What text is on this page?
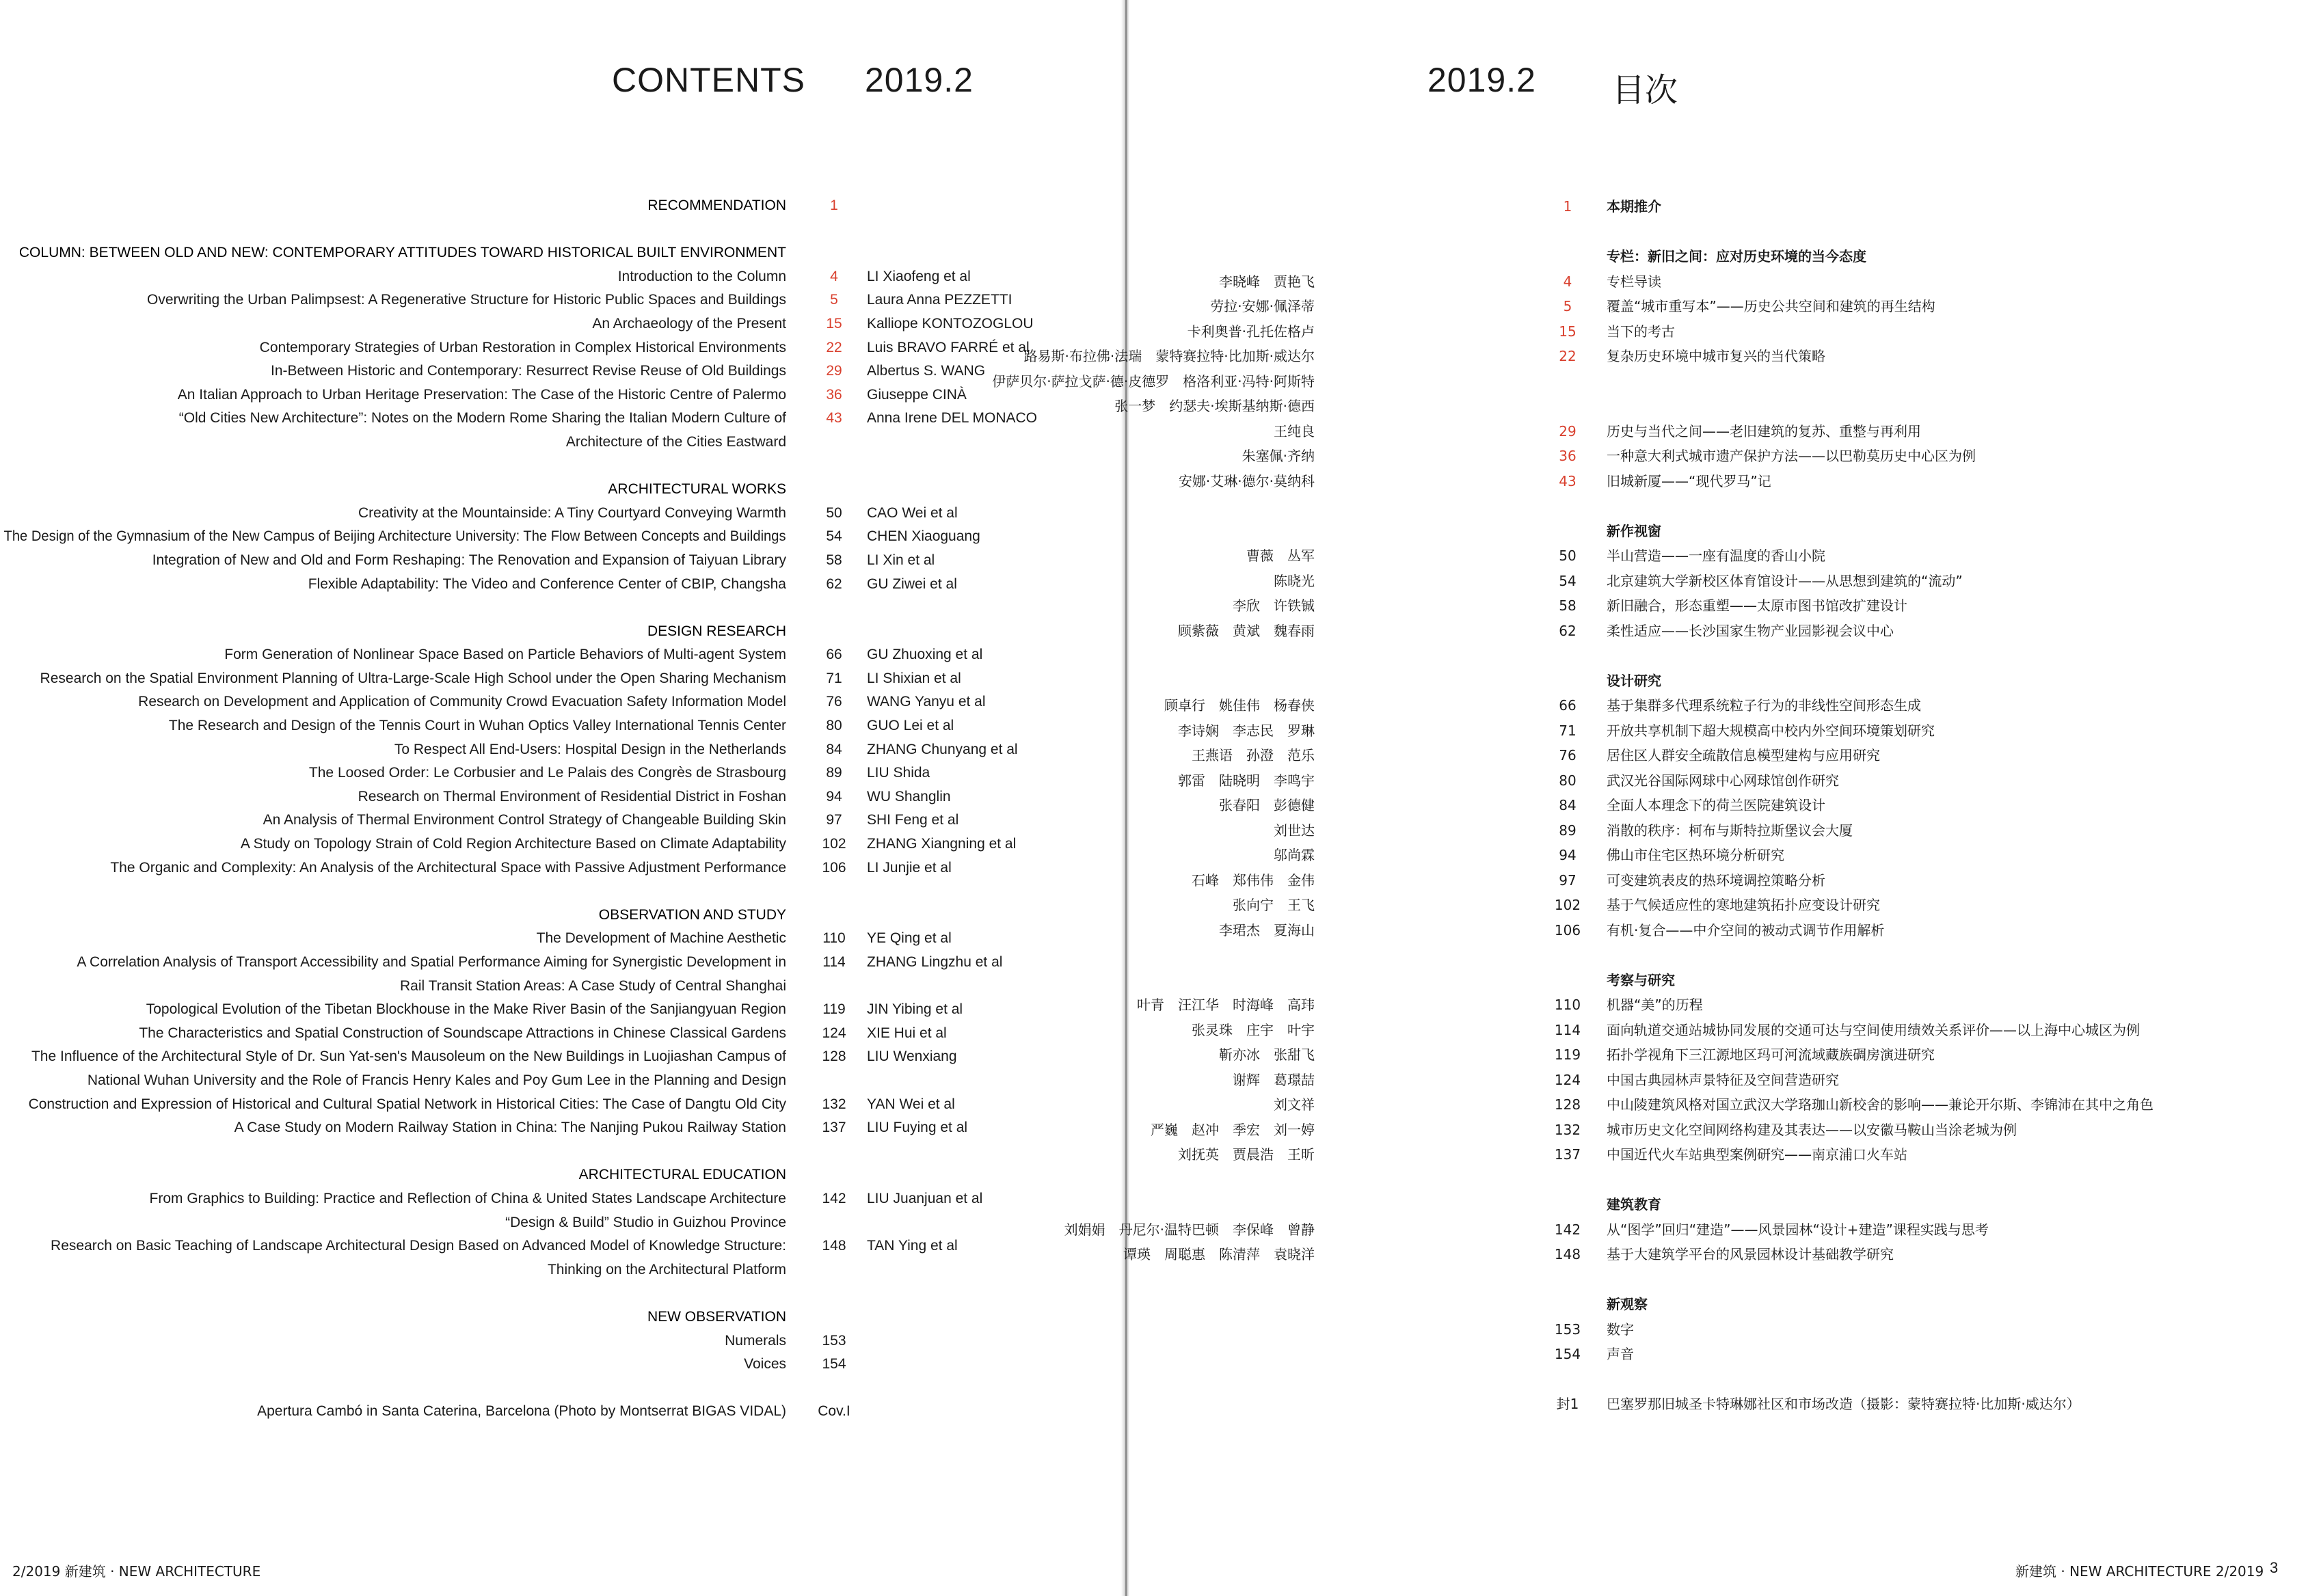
CONTENTS 2019.2
RECOMMENDATION	1
COLUMN: BETWEEN OLD AND NEW: CONTEMPORARY ATTITUDES TOWARD HISTORICAL BUILT ENVIRONMENT
Introduction to the Column	4	LI Xiaofeng et al
Overwriting the Urban Palimpsest: A Regenerative Structure for Historic Public Spaces and Buildings	5	Laura Anna PEZZETTI
An Archaeology of the Present	15	Kalliope KONTOZOGLOU
Contemporary Strategies of Urban Restoration in Complex Historical Environments	22	Luis BRAVO FARRÉ et al
In-Between Historic and Contemporary: Resurrect Revise Reuse of Old Buildings	29	Albertus S. WANG
An Italian Approach to Urban Heritage Preservation: The Case of the Historic Centre of Palermo	36	Giuseppe CINÀ
“Old Cities New Architecture”: Notes on the Modern Rome Sharing the Italian Modern Culture of	43	Anna Irene DEL MONACO
Architecture of the Cities Eastward
ARCHITECTURAL WORKS
Creativity at the Mountainside: A Tiny Courtyard Conveying Warmth	50	CAO Wei et al
The Design of the Gymnasium of the New Campus of Beijing Architecture University: The Flow Between Concepts and Buildings	54	CHEN Xiaoguang
Integration of New and Old and Form Reshaping: The Renovation and Expansion of Taiyuan Library	58	LI Xin et al
Flexible Adaptability: The Video and Conference Center of CBIP, Changsha	62	GU Ziwei et al
DESIGN RESEARCH
Form Generation of Nonlinear Space Based on Particle Behaviors of Multi-agent System	66	GU Zhuoxing et al
Research on the Spatial Environment Planning of Ultra-Large-Scale High School under the Open Sharing Mechanism	71	LI Shixian et al
Research on Development and Application of Community Crowd Evacuation Safety Information Model	76	WANG Yanyu et al
The Research and Design of the Tennis Court in Wuhan Optics Valley International Tennis Center	80	GUO Lei et al
To Respect All End-Users: Hospital Design in the Netherlands	84	ZHANG Chunyang et al
The Loosed Order: Le Corbusier and Le Palais des Congrès de Strasbourg	89	LIU Shida
Research on Thermal Environment of Residential District in Foshan	94	WU Shanglin
An Analysis of Thermal Environment Control Strategy of Changeable Building Skin	97	SHI Feng et al
A Study on Topology Strain of Cold Region Architecture Based on Climate Adaptability	102	ZHANG Xiangning et al
The Organic and Complexity: An Analysis of the Architectural Space with Passive Adjustment Performance	106	LI Junjie et al
OBSERVATION AND STUDY
The Development of Machine Aesthetic	110	YE Qing et al
A Correlation Analysis of Transport Accessibility and Spatial Performance Aiming for Synergistic Development in	114	ZHANG Lingzhu et al
Rail Transit Station Areas: A Case Study of Central Shanghai
Topological Evolution of the Tibetan Blockhouse in the Make River Basin of the Sanjiangyuan Region	119	JIN Yibing et al
The Characteristics and Spatial Construction of Soundscape Attractions in Chinese Classical Gardens	124	XIE Hui et al
The Influence of the Architectural Style of Dr. Sun Yat-sen's Mausoleum on the New Buildings in Luojiashan Campus of	128	LIU Wenxiang
National Wuhan University and the Role of Francis Henry Kales and Poy Gum Lee in the Planning and Design
Construction and Expression of Historical and Cultural Spatial Network in Historical Cities: The Case of Dangtu Old City	132	YAN Wei et al
A Case Study on Modern Railway Station in China: The Nanjing Pukou Railway Station	137	LIU Fuying et al
ARCHITECTURAL EDUCATION
From Graphics to Building: Practice and Reflection of China & United States Landscape Architecture	142	LIU Juanjuan et al
“Design & Build” Studio in Guizhou Province
Research on Basic Teaching of Landscape Architectural Design Based on Advanced Model of Knowledge Structure:	148	TAN Ying et al
Thinking on the Architectural Platform
NEW OBSERVATION
Numerals	153
Voices	154
Apertura Cambó in Santa Caterina, Barcelona (Photo by Montserrat BIGAS VIDAL)	Cov.I
2/2019 新建筑 · NEW ARCHITECTURE
2019.2 目次
1	本期推介
专栏：新旧之间：应对历史环境的当今态度
李晓峰　贾艳飞	4	专栏导读
劳拉·安娜·佩泽蒂	5	覆盖“城市重写本”——历史公共空间和建筑的再生结构
卡利奥普·孔托佐格卢	15	当下的考古
路易斯·布拉佛·法瑞　蒙特赛拉特·比加斯·威达尔	22	复杂历史环境中城市复兴的当代策略
伊萨贝尔·萨拉戈萨·德·皮德罗　格洛利亚·冯特·阿斯特
张一梦　约瑟夫·埃斯基纳斯·德西
王纯良	29	历史与当代之间——老旧建筑的复苏、重整与再利用
朱塞佩·齐纳	36	一种意大利式城市遗产保护方法——以巴勒莫历史中心区为例
安娜·艾琳·德尔·莫纳科	43	旧城新厦——“现代罗马”记
新作视窗
曹薇　丛军	50	半山营造——一座有温度的香山小院
陈晓光	54	北京建筑大学新校区体育馆设计——从思想到建筑的“流动”
李欣　许铁铖	58	新旧融合，形态重塑——太原市图书馆改扩建设计
顾紫薇　黄斌　魏春雨	62	柔性适应——长沙国家生物产业园影视会议中心
设计研究
顾卓行　姚佳伟　杨春侠	66	基于集群多代理系统粒子行为的非线性空间形态生成
李诗娴　李志民　罗琳	71	开放共享机制下超大规模高中校内外空间环境策划研究
王燕语　孙澄　范乐	76	居住区人群安全疏散信息模型建构与应用研究
郭雷　陆晓明　李鸣宇	80	武汉光谷国际网球中心网球馆创作研究
张春阳　彭德健	84	全面人本理念下的荷兰医院建筑设计
刘世达	89	消散的秩序：柯布与斯特拉斯堡议会大厦
邬尚霖	94	佛山市住宅区热环境分析研究
石峰　郑伟伟　金伟	97	可变建筑表皮的热环境调控策略分析
张向宁　王飞	102	基于气候适应性的寒地建筑拓扑应变设计研究
李珺杰　夏海山	106	有机·复合——中介空间的被动式调节作用解析
考察与研究
叶青　汪江华　时海峰　高玮	110	机器“美”的历程
张灵珠　庄宇　叶宇	114	面向轨道交通站城协同发展的交通可达与空间使用绩效关系评价——以上海中心城区为例
靳亦冰　张甜飞	119	拓扑学视角下三江源地区玛可河流域藏族碉房演进研究
谢辉　葛璟喆	124	中国古典园林声景特征及空间营造研究
刘文祥	128	中山陵建筑风格对国立武汉大学珞珈山新校舍的影响——兼论开尔斯、李锦沛在其中之角色
严巍　赵冲　季宏　刘一婷	132	城市历史文化空间网络构建及其表达——以安徽马鞍山当涂老城为例
刘抚英　贾晨浩　王昕	137	中国近代火车站典型案例研究——南京浦口火车站
建筑教育
刘娟娟　丹尼尔·温特巴顿　李保峰　曾静	142	从“图学”回归“建造”——风景园林“设计+建造”课程实践与思考
谭瑛　周聪惠　陈清萍　袁晓洋	148	基于大建筑学平台的风景园林设计基础教学研究
新观察
153	数字
154	声音
封1	巴塞罗那旧城圣卡特琳娜社区和市场改造（摄影：蒙特赛拉特·比加斯·威达尔）
新建筑 · NEW ARCHITECTURE 2/2019 3
